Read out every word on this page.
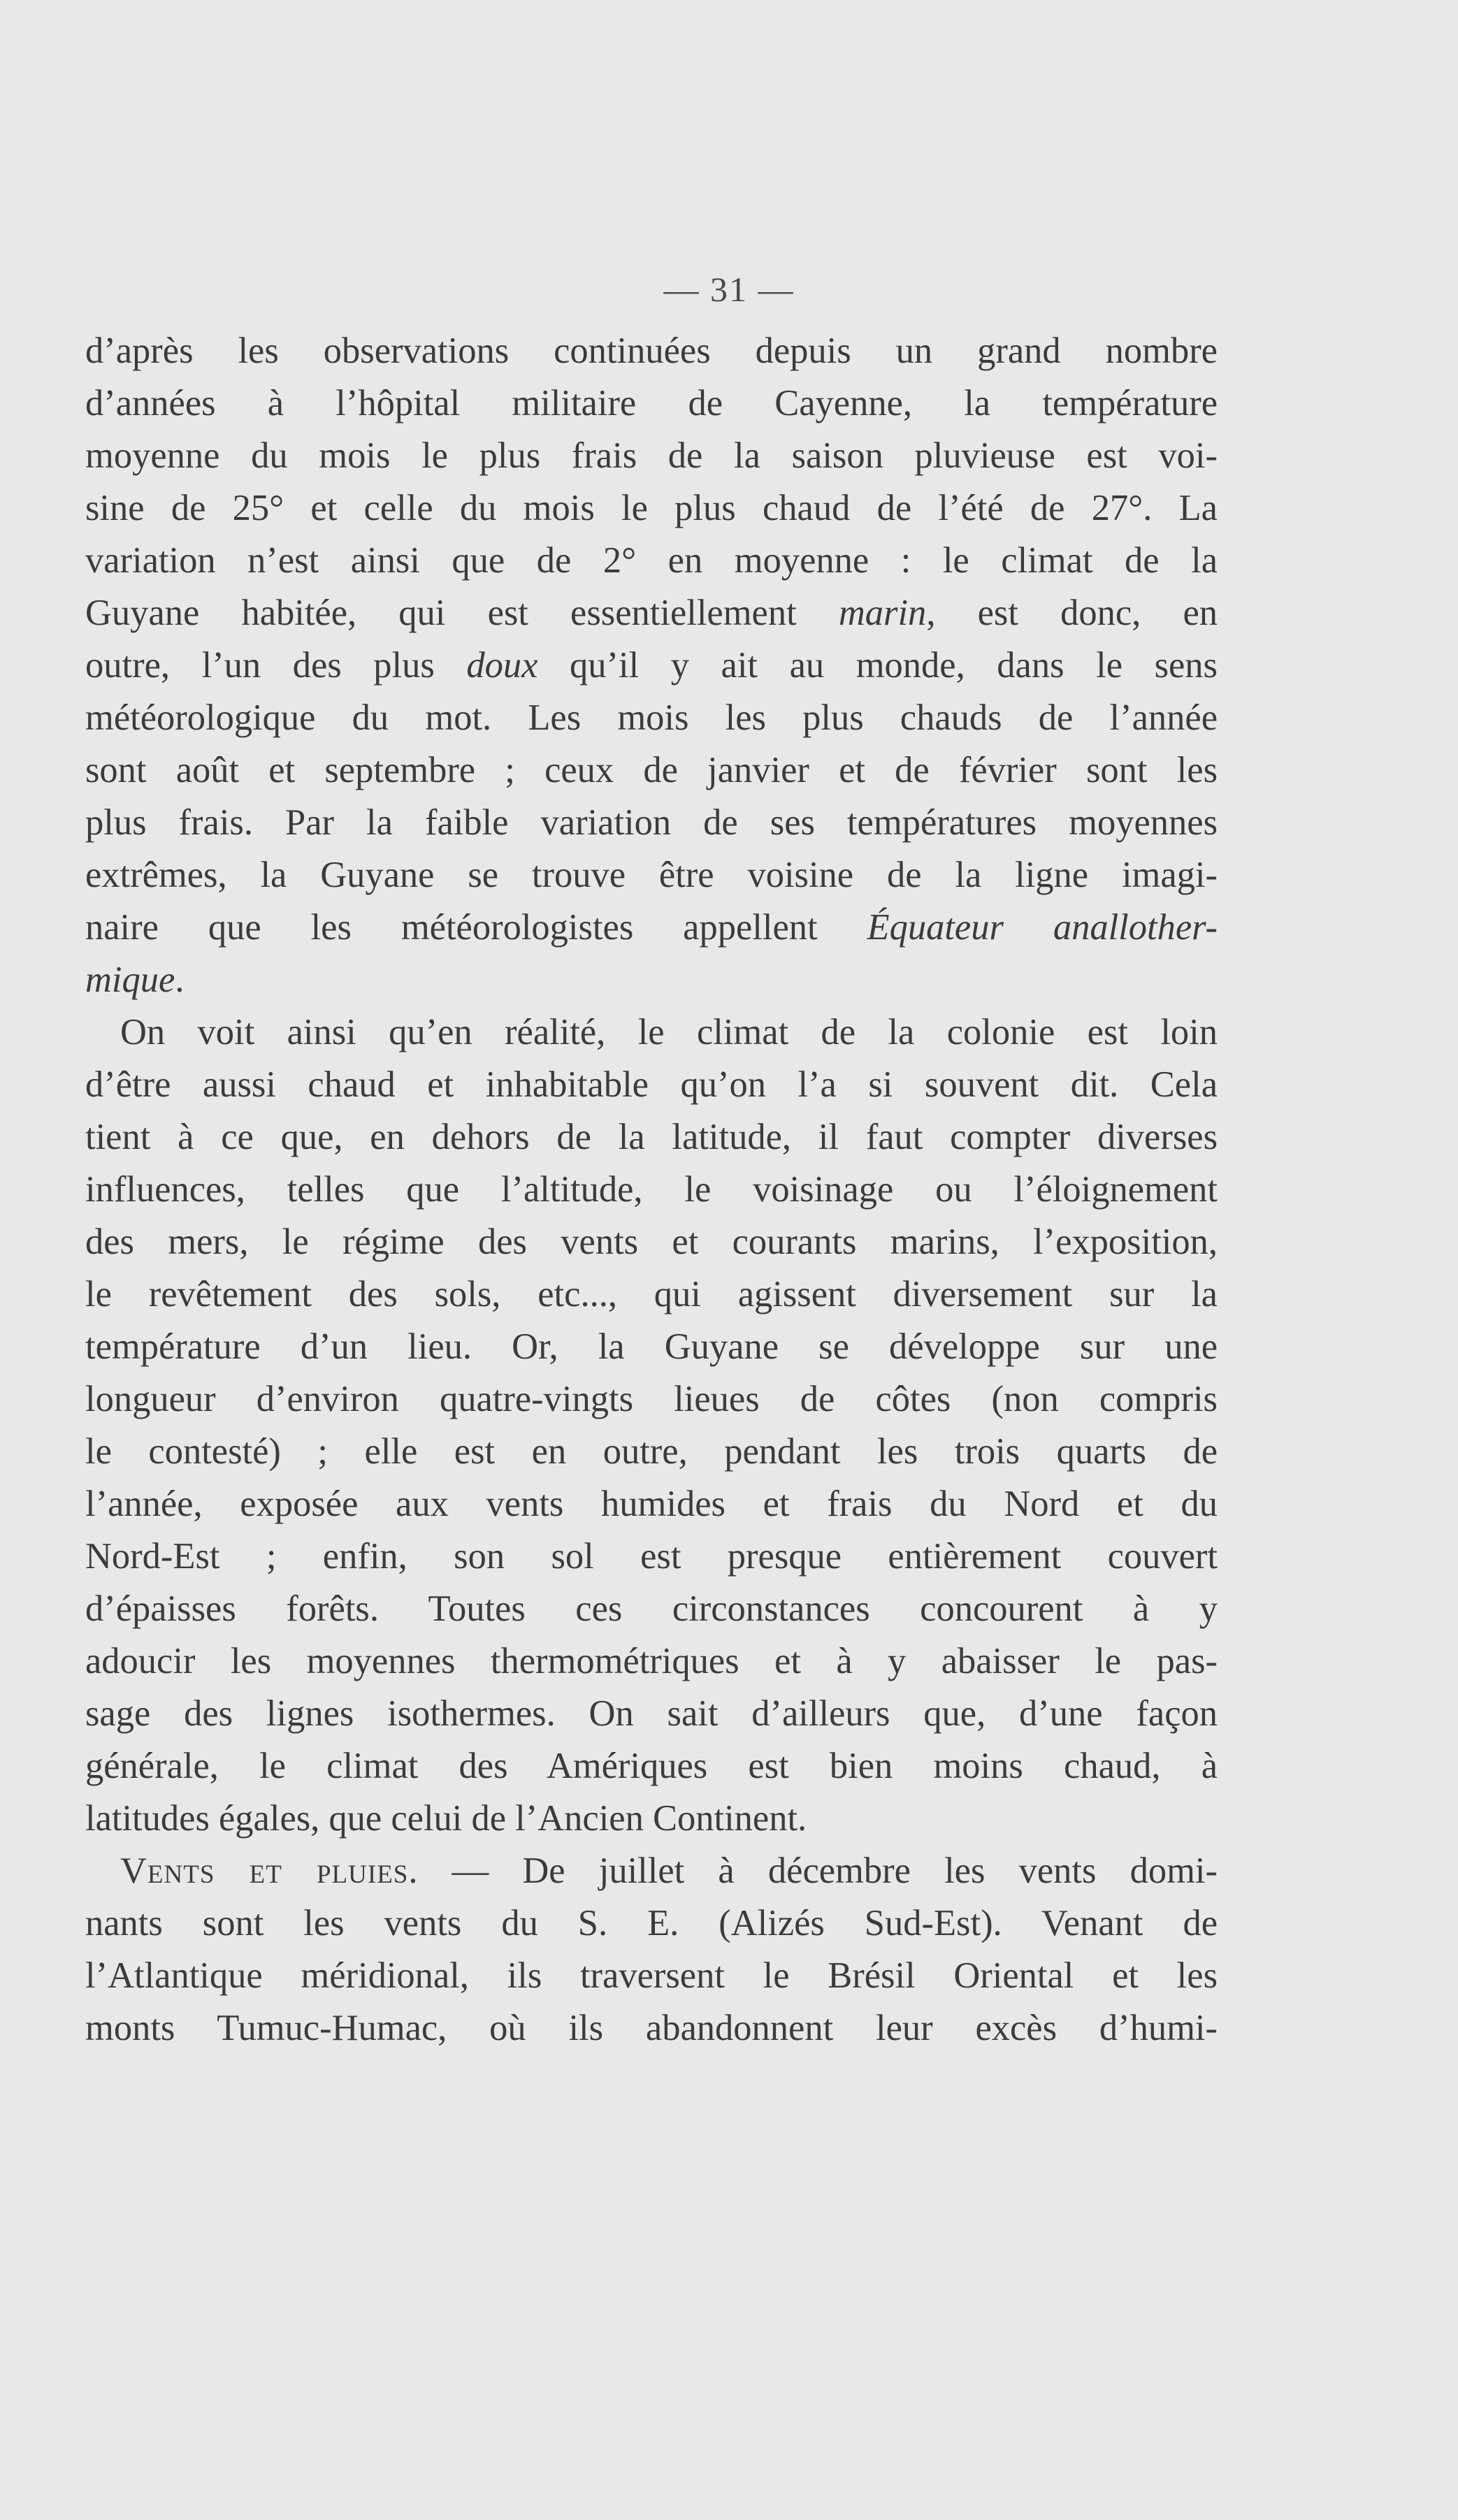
— 31 —
d’après les observations continuées depuis un grand nombre
d’années à l’hôpital militaire de Cayenne, la température
moyenne du mois le plus frais de la saison pluvieuse est voi-
sine de 25° et celle du mois le plus chaud de l’été de 27°. La
variation n’est ainsi que de 2° en moyenne : le climat de la
Guyane habitée, qui est essentiellement marin, est donc, en
outre, l’un des plus doux qu’il y ait au monde, dans le sens
météorologique du mot. Les mois les plus chauds de l’année
sont août et septembre ; ceux de janvier et de février sont les
plus frais. Par la faible variation de ses températures moyennes
extrêmes, la Guyane se trouve être voisine de la ligne imagi-
naire que les météorologistes appellent Équateur anallother-
mique.
On voit ainsi qu’en réalité, le climat de la colonie est loin
d’être aussi chaud et inhabitable qu’on l’a si souvent dit. Cela
tient à ce que, en dehors de la latitude, il faut compter diverses
influences, telles que l’altitude, le voisinage ou l’éloignement
des mers, le régime des vents et courants marins, l’exposition,
le revêtement des sols, etc..., qui agissent diversement sur la
température d’un lieu. Or, la Guyane se développe sur une
longueur d’environ quatre-vingts lieues de côtes (non compris
le contesté) ; elle est en outre, pendant les trois quarts de
l’année, exposée aux vents humides et frais du Nord et du
Nord-Est ; enfin, son sol est presque entièrement couvert
d’épaisses forêts. Toutes ces circonstances concourent à y
adoucir les moyennes thermométriques et à y abaisser le pas-
sage des lignes isothermes. On sait d’ailleurs que, d’une façon
générale, le climat des Amériques est bien moins chaud, à
latitudes égales, que celui de l’Ancien Continent.
Vents et pluies. — De juillet à décembre les vents domi-
nants sont les vents du S. E. (Alizés Sud-Est). Venant de
l’Atlantique méridional, ils traversent le Brésil Oriental et les
monts Tumuc-Humac, où ils abandonnent leur excès d’humi-
